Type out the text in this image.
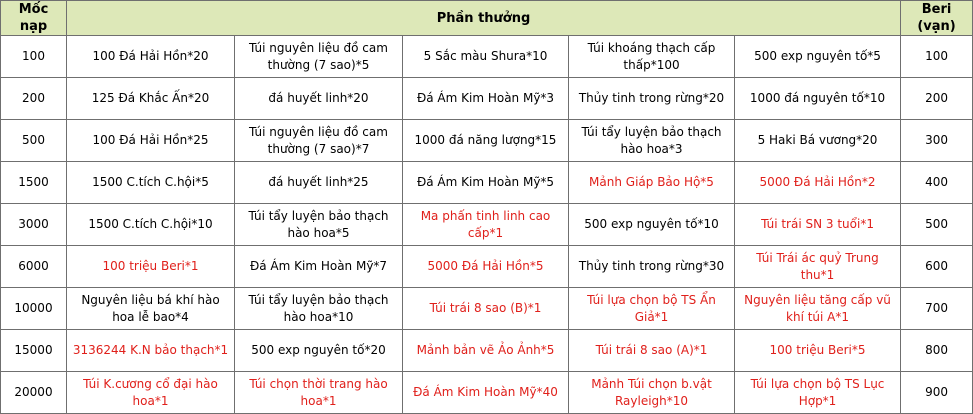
Mốc nạp	Phần thưởng					Beri (vạn)
100	100 Đá Hải Hồn*20	Túi nguyên liệu đồ cam thường (7 sao)*5	5 Sắc màu Shura*10	Túi khoáng thạch cấp thấp*100	500 exp nguyên tố*5	100
200	125 Đá Khắc Ấn*20	đá huyết linh*20	Đá Ám Kim Hoàn Mỹ*3	Thủy tinh trong rừng*20	1000 đá nguyên tố*10	200
500	100 Đá Hải Hồn*25	Túi nguyên liệu đồ cam thường (7 sao)*7	1000 đá năng lượng*15	Túi tẩy luyện bảo thạch hào hoa*3	5 Haki Bá vương*20	300
1500	1500 C.tích C.hội*5	đá huyết linh*25	Đá Ám Kim Hoàn Mỹ*5	Mảnh Giáp Bảo Hộ*5	5000 Đá Hải Hồn*2	400
3000	1500 C.tích C.hội*10	Túi tẩy luyện bảo thạch hào hoa*5	Ma phấn tinh linh cao cấp*1	500 exp nguyên tố*10	Túi trái SN 3 tuổi*1	500
6000	100 triệu Beri*1	Đá Ám Kim Hoàn Mỹ*7	5000 Đá Hải Hồn*5	Thủy tinh trong rừng*30	Túi Trái ác quỷ Trung thu*1	600
10000	Nguyên liệu bá khí hào hoa lễ bao*4	Túi tẩy luyện bảo thạch hào hoa*10	Túi trái 8 sao (B)*1	Túi lựa chọn bộ TS Ẩn Giả*1	Nguyên liệu tăng cấp vũ khí túi A*1	700
15000	3136244 K.N bảo thạch*1	500 exp nguyên tố*20	Mảnh bản vẽ Ảo Ảnh*5	Túi trái 8 sao (A)*1	100 triệu Beri*5	800
20000	Túi K.cương cổ đại hào hoa*1	Túi chọn thời trang hào hoa*1	Đá Ám Kim Hoàn Mỹ*40	Mảnh Túi chọn b.vật Rayleigh*10	Túi lựa chọn bộ TS Lục Hợp*1	900
